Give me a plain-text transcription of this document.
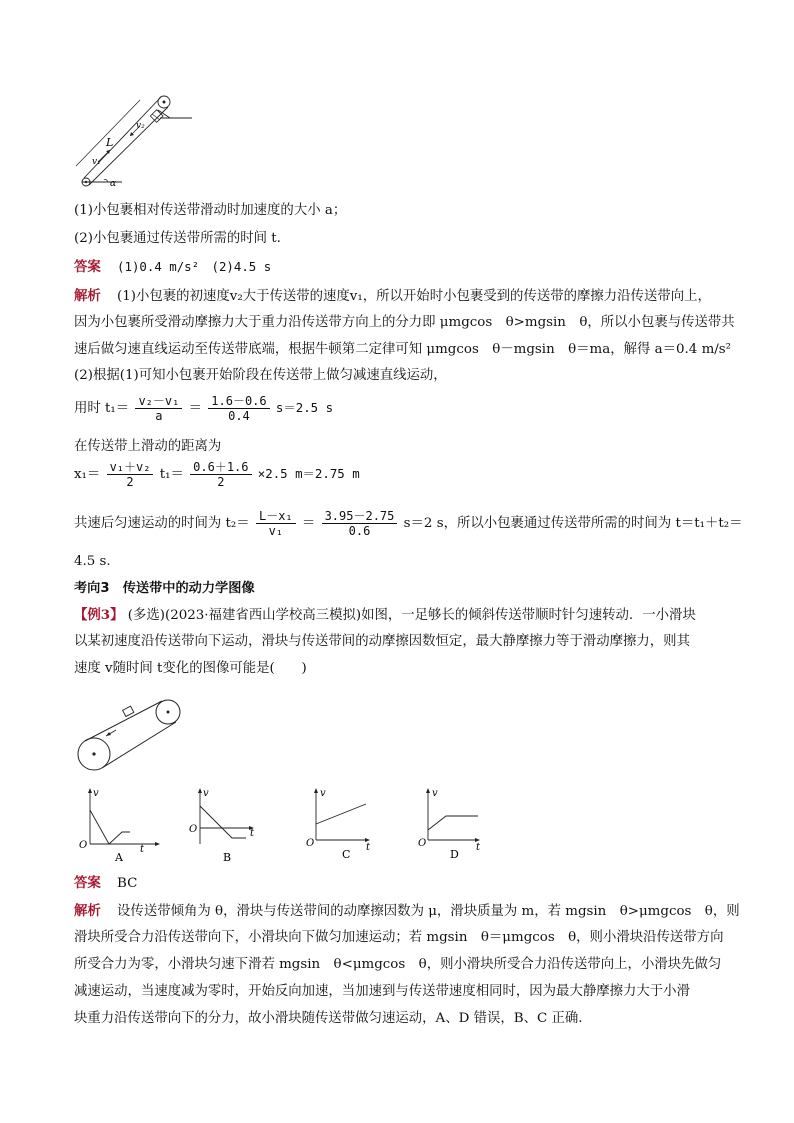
L
v₁
v₂
α
(1)小包裹相对传送带滑动时加速度的大小 a；
(2)小包裹通过传送带所需的时间 t.
答案 (1)0.4 m/s²　(2)4.5 s
解析 (1)小包裹的初速度v₂大于传送带的速度v₁，所以开始时小包裹受到的传送带的摩擦力沿传送带向上，
因为小包裹所受滑动摩擦力大于重力沿传送带方向上的分力即 μmgcos　θ>mgsin　θ，所以小包裹与传送带共
速后做匀速直线运动至传送带底端，根据牛顿第二定律可知 μmgcos　θ－mgsin　θ＝ma，解得 a＝0.4 m/s²
(2)根据(1)可知小包裹开始阶段在传送带上做匀减速直线运动，
用时 $t_1= \frac{\text{v₂－v₁}}{a} = \frac{1.6-0.6}{0.4} s=2.5$ s
在传送带上滑动的距离为
$x_1= \frac{\text{v₁＋v₂}}{2} t_1= \frac{0.6+1.6}{2} \times 2.5$ m＝2.75 m
共速后匀速运动的时间为 $t_2= \frac{\text{L－x₁}}{\text{v₁}} = \frac{3.95-2.75}{0.6} s=2$ s，所以小包裹通过传送带所需的时间为 t＝t₁＋t₂＝
4.5 s.
考向3　传送带中的动力学图像
【例3】 (多选)(2023·福建省西山学校高三模拟)如图，一足够长的倾斜传送带顺时针匀速转动．一小滑块
以某初速度沿传送带向下运动，滑块与传送带间的动摩擦因数恒定，最大静摩擦力等于滑动摩擦力，则其
速度 v随时间 t变化的图像可能是(　　)
v
t
O
A
v
t
O
B
v
t
O
C
v
t
O
D
答案 BC
解析 设传送带倾角为 θ，滑块与传送带间的动摩擦因数为 μ，滑块质量为 m，若 mgsin　θ>μmgcos　θ，则
滑块所受合力沿传送带向下，小滑块向下做匀加速运动；若 mgsin　θ＝μmgcos　θ，则小滑块沿传送带方向
所受合力为零，小滑块匀速下滑若 mgsin　θ<μmgcos　θ，则小滑块所受合力沿传送带向上，小滑块先做匀
减速运动，当速度减为零时，开始反向加速，当加速到与传送带速度相同时，因为最大静摩擦力大于小滑
块重力沿传送带向下的分力，故小滑块随传送带做匀速运动，A、D 错误，B、C 正确.
